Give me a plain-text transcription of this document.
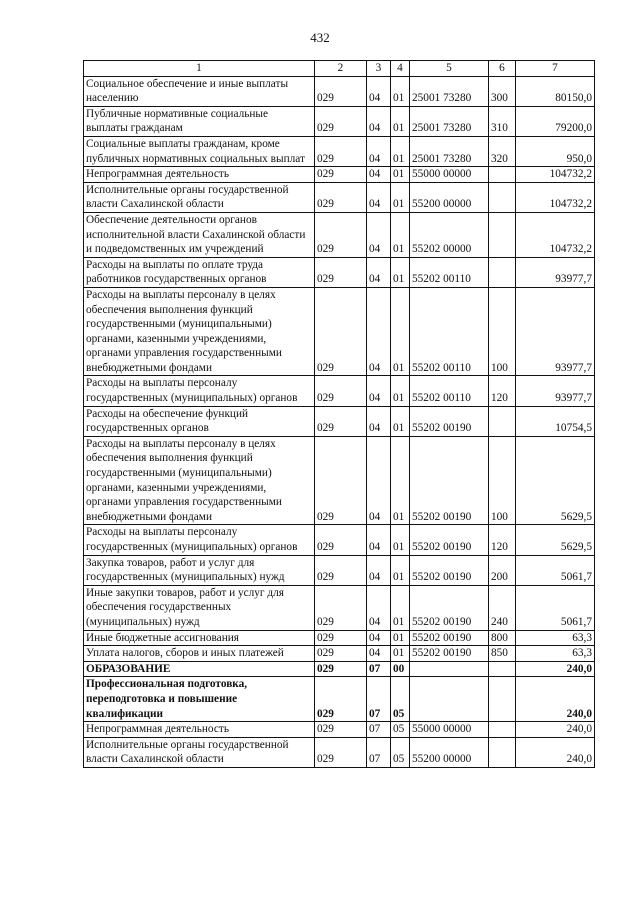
432
1	2	3	4	5	6	7
Социальное обеспечение и иные выплаты населению	029	04	01	25001 73280	300	80150,0
Публичные нормативные социальные выплаты гражданам	029	04	01	25001 73280	310	79200,0
Социальные выплаты гражданам, кроме публичных нормативных социальных выплат	029	04	01	25001 73280	320	950,0
Непрограммная деятельность	029	04	01	55000 00000		104732,2
Исполнительные органы государственной власти Сахалинской области	029	04	01	55200 00000		104732,2
Обеспечение деятельности органов исполнительной власти Сахалинской области и подведомственных им учреждений	029	04	01	55202 00000		104732,2
Расходы на выплаты по оплате труда работников государственных органов	029	04	01	55202 00110		93977,7
Расходы на выплаты персоналу в целях обеспечения выполнения функций государственными (муниципальными) органами, казенными учреждениями, органами управления государственными внебюджетными фондами	029	04	01	55202 00110	100	93977,7
Расходы на выплаты персоналу государственных (муниципальных) органов	029	04	01	55202 00110	120	93977,7
Расходы на обеспечение функций государственных органов	029	04	01	55202 00190		10754,5
Расходы на выплаты персоналу в целях обеспечения выполнения функций государственными (муниципальными) органами, казенными учреждениями, органами управления государственными внебюджетными фондами	029	04	01	55202 00190	100	5629,5
Расходы на выплаты персоналу государственных (муниципальных) органов	029	04	01	55202 00190	120	5629,5
Закупка товаров, работ и услуг для государственных (муниципальных) нужд	029	04	01	55202 00190	200	5061,7
Иные закупки товаров, работ и услуг для обеспечения государственных (муниципальных) нужд	029	04	01	55202 00190	240	5061,7
Иные бюджетные ассигнования	029	04	01	55202 00190	800	63,3
Уплата налогов, сборов и иных платежей	029	04	01	55202 00190	850	63,3
ОБРАЗОВАНИЕ	029	07	00			240,0
Профессиональная подготовка, переподготовка и повышение квалификации	029	07	05			240,0
Непрограммная деятельность	029	07	05	55000 00000		240,0
Исполнительные органы государственной власти Сахалинской области	029	07	05	55200 00000		240,0
